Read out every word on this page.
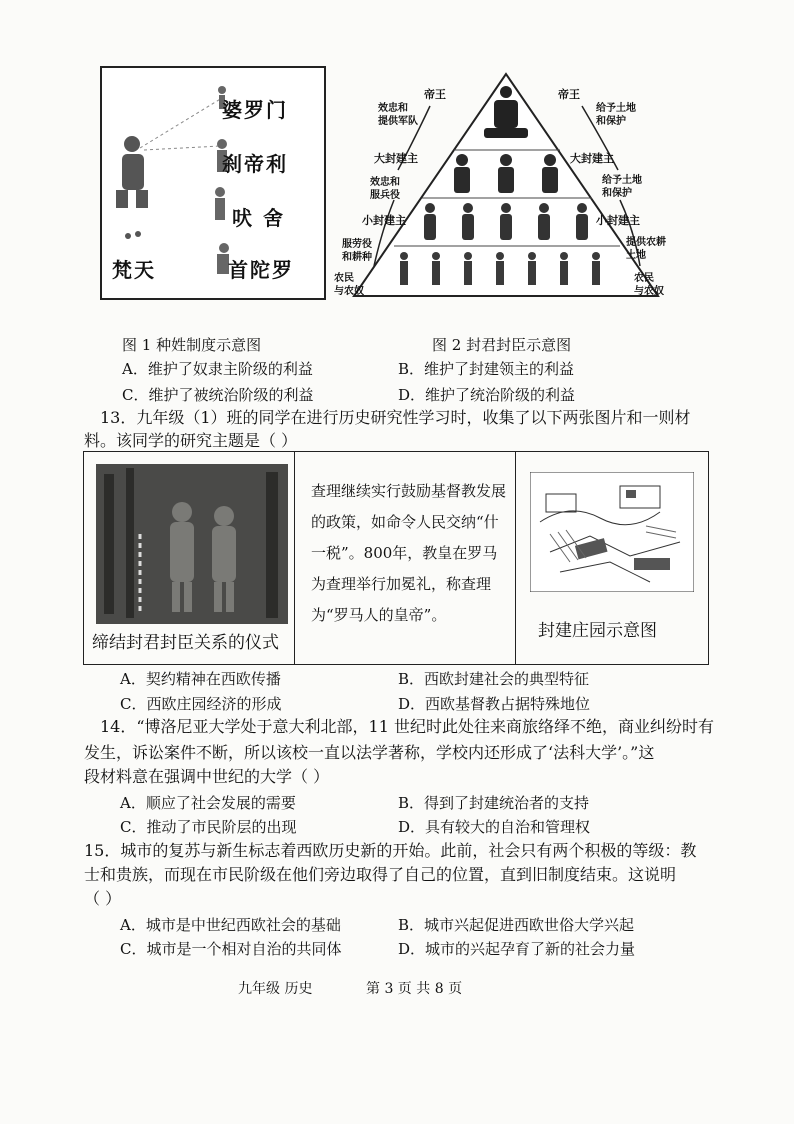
婆罗门
刹帝利
吠 舍
首陀罗
梵天
帝王
效忠和
提供军队
大封建主
效忠和
服兵役
小封建主
服劳役
和耕种
农民
与农奴
帝王
给予土地
和保护
大封建主
给予土地
和保护
小封建主
提供农耕
土地
农民
与农奴
图 1 种姓制度示意图	图 2 封君封臣示意图
A．维护了奴隶主阶级的利益	B．维护了封建领主的利益
C．维护了被统治阶级的利益	D．维护了统治阶级的利益
13．九年级（1）班的同学在进行历史研究性学习时，收集了以下两张图片和一则材
料。该同学的研究主题是（ ）
缔结封君封臣关系的仪式

查理继续实行鼓励基督教发展的政策，如命令人民交纳“什一税”。800年，教皇在罗马为查理举行加冕礼，称查理为“罗马人的皇帝”。

封建庄园示意图
A．契约精神在西欧传播	B．西欧封建社会的典型特征
C．西欧庄园经济的形成	D．西欧基督教占据特殊地位
14．“博洛尼亚大学处于意大利北部，11 世纪时此处往来商旅络绎不绝，商业纠纷时有
发生，诉讼案件不断，所以该校一直以法学著称，学校内还形成了‘法科大学’。”这
段材料意在强调中世纪的大学（ ）
A．顺应了社会发展的需要	B．得到了封建统治者的支持
C．推动了市民阶层的出现	D．具有较大的自治和管理权
15．城市的复苏与新生标志着西欧历史新的开始。此前，社会只有两个积极的等级：教
士和贵族，而现在市民阶级在他们旁边取得了自己的位置，直到旧制度结束。这说明
（ ）
A．城市是中世纪西欧社会的基础	B．城市兴起促进西欧世俗大学兴起
C．城市是一个相对自治的共同体	D．城市的兴起孕育了新的社会力量
九年级 历史	第 3 页 共 8 页
